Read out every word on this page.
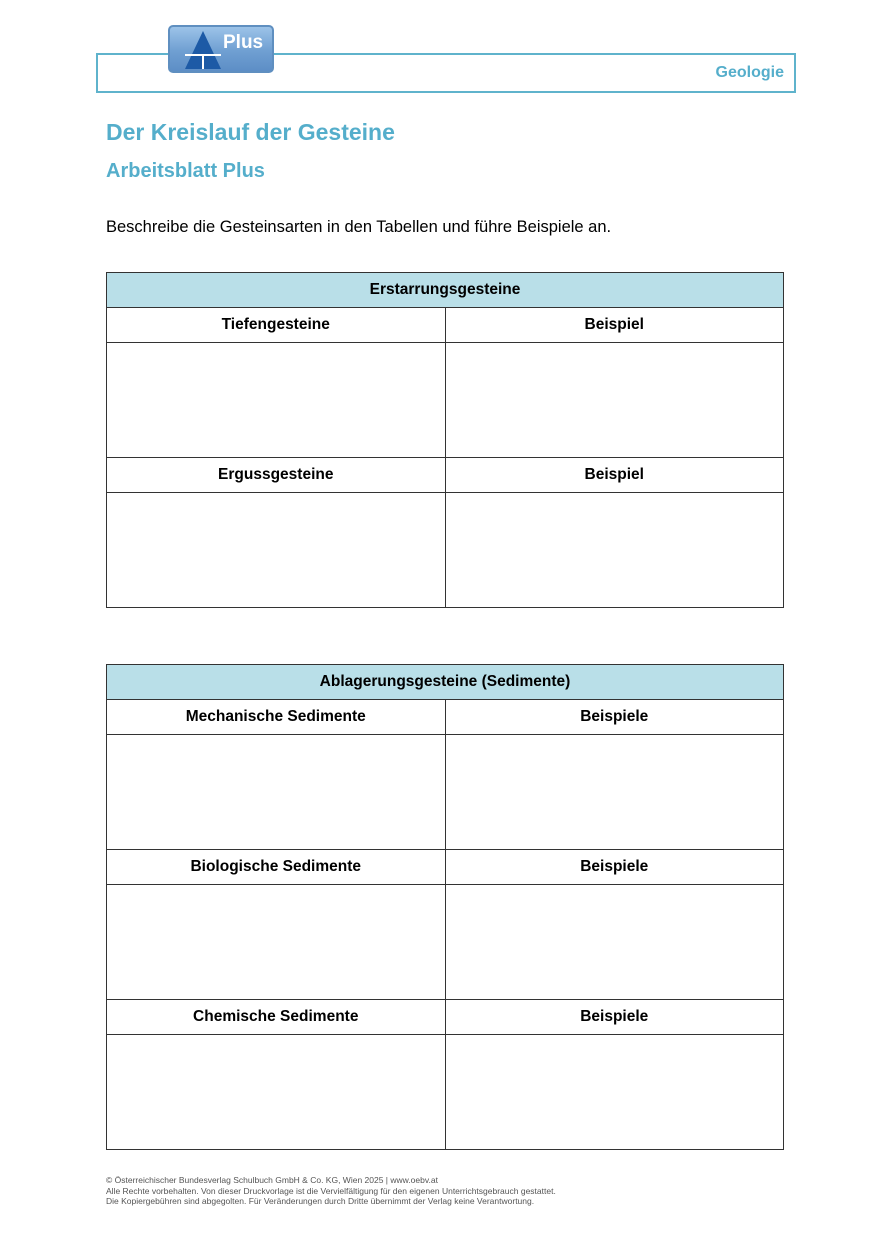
Geologie
Plus
Der Kreislauf der Gesteine
Arbeitsblatt Plus

Beschreibe die Gesteinsarten in den Tabellen und führe Beispiele an.

Erstarrungsgesteine	
Tiefengesteine	Beispiel

Ergussgesteine	Beispiel

Ablagerungsgesteine (Sedimente)	
Mechanische Sedimente	Beispiele

Biologische Sedimente	Beispiele

Chemische Sedimente	Beispiele

© Österreichischer Bundesverlag Schulbuch GmbH & Co. KG, Wien 2025 | www.oebv.at
Alle Rechte vorbehalten. Von dieser Druckvorlage ist die Vervielfältigung für den eigenen Unterrichtsgebrauch gestattet.
Die Kopiergebühren sind abgegolten. Für Veränderungen durch Dritte übernimmt der Verlag keine Verantwortung.
